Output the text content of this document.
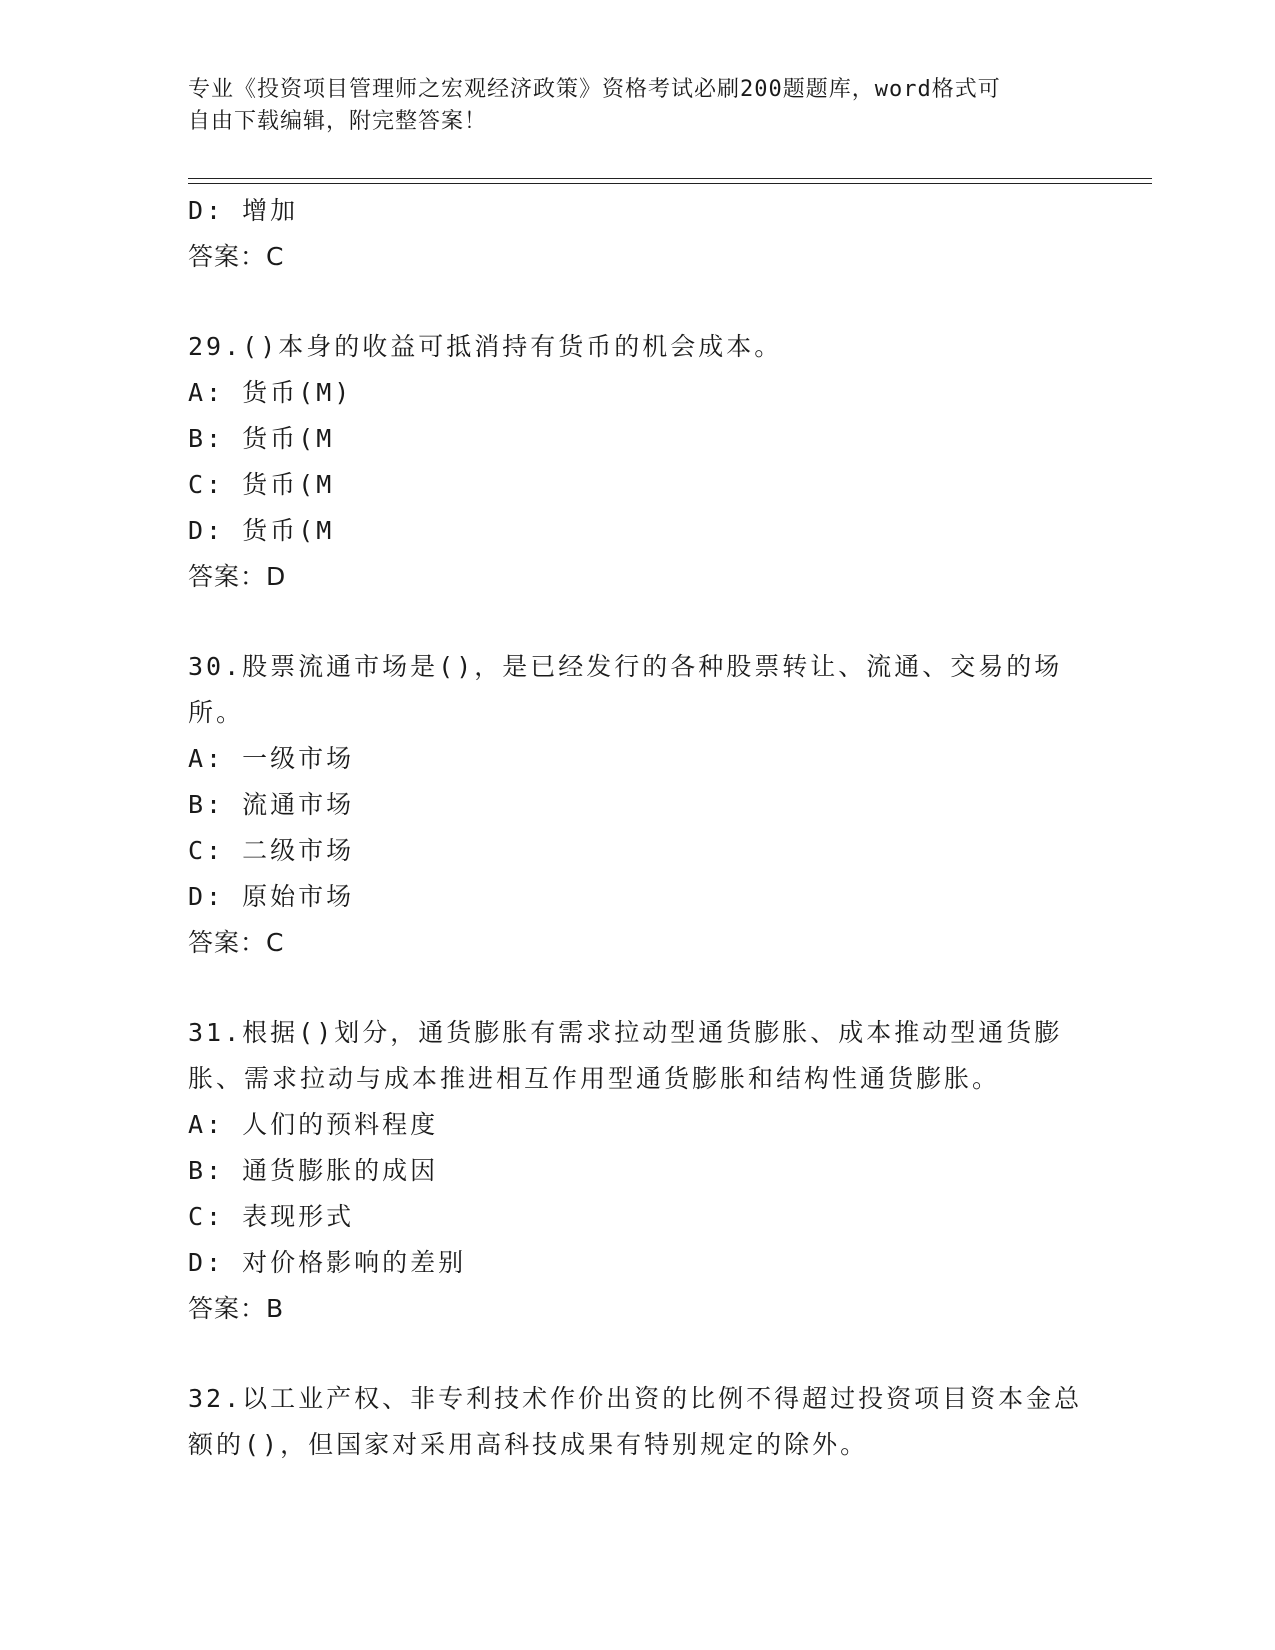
专业《投资项目管理师之宏观经济政策》资格考试必刷200题题库，word格式可
自由下载编辑，附完整答案！
D: 增加
答案：C
29.()本身的收益可抵消持有货币的机会成本。
A: 货币(M)
B: 货币(M
C: 货币(M
D: 货币(M
答案：D
30.股票流通市场是()，是已经发行的各种股票转让、流通、交易的场所。
A: 一级市场
B: 流通市场
C: 二级市场
D: 原始市场
答案：C
31.根据()划分，通货膨胀有需求拉动型通货膨胀、成本推动型通货膨胀、需求拉动与成本推进相互作用型通货膨胀和结构性通货膨胀。
A: 人们的预料程度
B: 通货膨胀的成因
C: 表现形式
D: 对价格影响的差别
答案：B
32.以工业产权、非专利技术作价出资的比例不得超过投资项目资本金总额的()，但国家对采用高科技成果有特别规定的除外。
